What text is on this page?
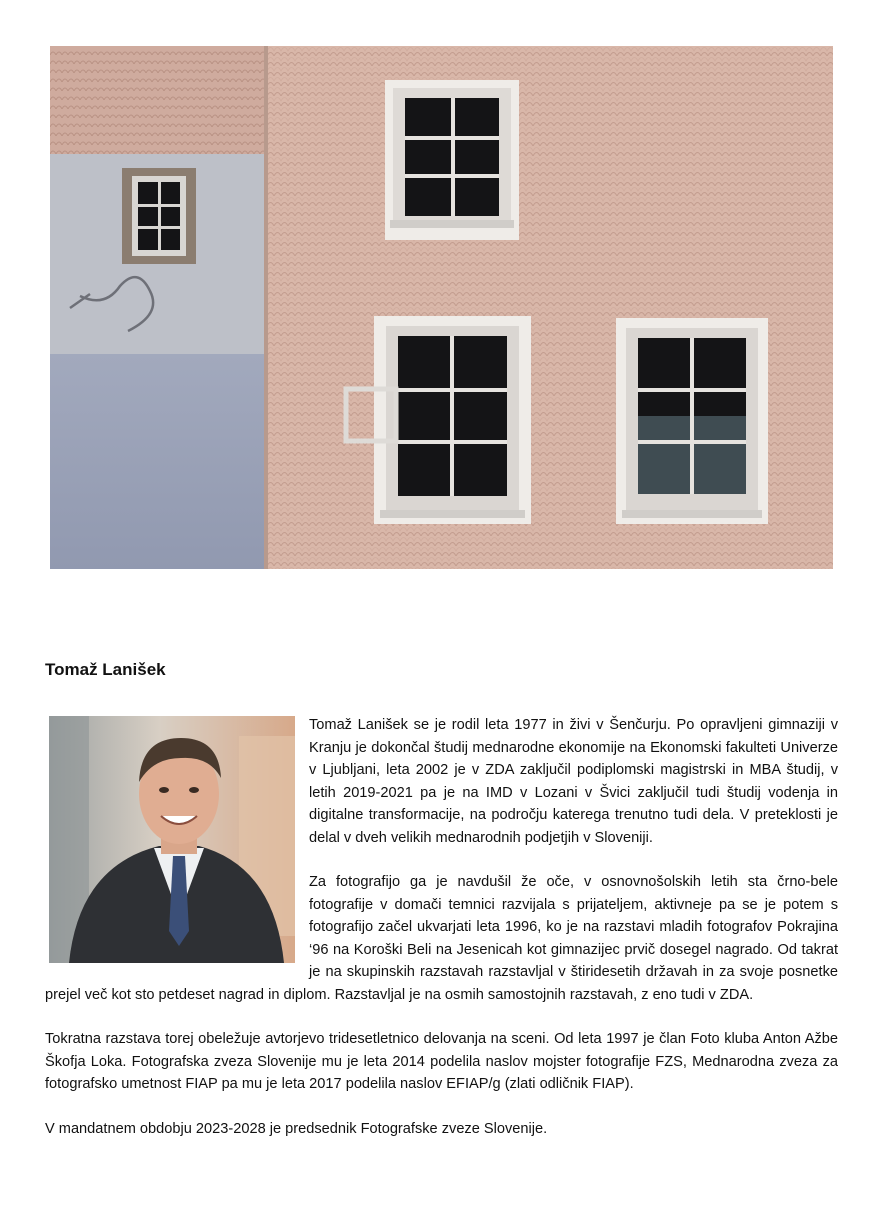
Tomaž Lanišek

Tomaž Lanišek se je rodil leta 1977 in živi v Šenčurju. Po opravljeni gimnaziji v Kranju je dokončal študij mednarodne ekonomije na Ekonomski fakulteti Univerze v Ljubljani, leta 2002 je v ZDA zaključil podiplomski magistrski in MBA študij, v letih 2019-2021 pa je na IMD v Lozani v Švici zaključil tudi študij vodenja in digitalne transformacije, na področju katerega trenutno tudi dela. V preteklosti je delal v dveh velikih mednarodnih podjetjih v Sloveniji.

Za fotografijo ga je navdušil že oče, v osnovnošolskih letih sta črno-bele fotografije v domači temnici razvijala s prijateljem, aktivneje pa se je potem s fotografijo začel ukvarjati leta 1996, ko je na razstavi mladih fotografov Pokrajina ‘96 na Koroški Beli na Jesenicah kot gimnazijec prvič dosegel nagrado. Od takrat je na skupinskih razstavah razstavljal v štiridesetih državah in za svoje posnetke prejel več kot sto petdeset nagrad in diplom. Razstavljal je na osmih samostojnih razstavah, z eno tudi v ZDA.

Tokratna razstava torej obeležuje avtorjevo tridesetletnico delovanja na sceni. Od leta 1997 je član Foto kluba Anton Ažbe Škofja Loka. Fotografska zveza Slovenije mu je leta 2014 podelila naslov mojster fotografije FZS, Mednarodna zveza za fotografsko umetnost FIAP pa mu je leta 2017 podelila naslov EFIAP/g (zlati odličnik FIAP).

V mandatnem obdobju 2023-2028 je predsednik Fotografske zveze Slovenije.
